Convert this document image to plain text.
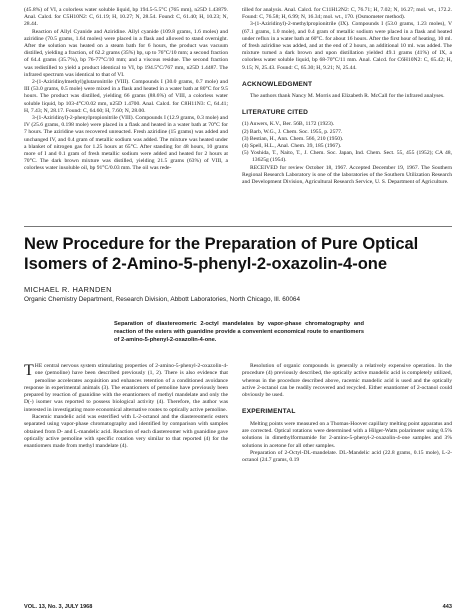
(45.8%) of VI, a colorless water soluble liquid, bp 194.5-5.5°C (765 mm), n25D 1.43879. Anal. Calcd. for C5H10N2: C, 61.19; H, 10.27; N, 28.54. Found: C, 61.40; H, 10.23; N, 28.44.

Reaction of Allyl Cyanide and Aziridine. Allyl cyanide (109.8 grams, 1.6 moles) and aziridine (70.5 grams, 1.64 moles) were placed in a flask and allowed to stand overnight. After the solution was heated on a steam bath for 6 hours, the product was vacuum distilled, yielding a fraction, of 62.2 grams (35%) bp, up to 76°C/10 mm; a second fraction of 64.4 grams (35.7%), bp 76-77°C/10 mm; and a viscous residue. The second fraction was redistilled to yield a product identical to VI, bp 194.5°C/767 mm, n25D 1.4487. The infrared spectrum was identical to that of VI.

2-(1-Aziridinylmethyl)glutaronitrile (VIII). Compounds I (30.0 grams, 0.7 mole) and III (53.0 grams, 0.5 mole) were mixed in a flask and heated in a water bath at 80°C for 9.5 hours. The product was distilled, yielding 66 grams (88.6%) of VIII, a colorless water soluble liquid, bp 103-4°C/0.02 mm, n25D 1.4700. Anal. Calcd. for C8H11N3: C, 64.41; H, 7.43; N, 28.17. Found: C, 64.60; H, 7.60; N, 28.00.

3-(1-Aziridinyl)-2-phenylpropionitrile (VIII). Compounds I (12.9 grams, 0.3 mole) and IV (25.6 grams, 0.198 mole) were placed in a flask and heated in a water bath at 70°C for 7 hours. The aziridine was recovered unreacted. Fresh aziridine (15 grams) was added and unchanged IV, and 0.4 gram of metallic sodium was added. The mixture was heated under a blanket of nitrogen gas for 1.25 hours at 65°C. After standing for 48 hours, 10 grams more of I and 0.1 gram of fresh metallic sodium were added and heated for 2 hours at 70°C. The dark brown mixture was distilled, yielding 21.5 grams (63%) of VIII, a colorless water insoluble oil, bp 91°C/0.03 mm. The oil was rede-

tilled for analysis. Anal. Calcd. for C11H12N2: C, 76.71; H, 7.02; N, 16.27; mol. wt., 172.2. Found: C, 76.58; H, 6.99; N, 16.34; mol. wt., 170. (Osmometer method).

3-(1-Aziridinyl)-2-methylpropionitrile (IX). Compounds I (53.0 grams, 1.23 moles), V (67.1 grams, 1.0 mole), and 0.4 gram of metallic sodium were placed in a flask and heated under reflux in a water bath at 60°C. for about 16 hours. After the first hour of heating, 10 ml. of fresh aziridine was added, and at the end of 2 hours, an additional 10 ml. was added. The mixture turned a dark brown and upon distillation yielded 49.1 grams (41%) of IX, a colorless water soluble liquid, bp 68-70°C/11 mm. Anal. Calcd. for C6H10N2: C, 65.42; H, 9.15; N, 25.43. Found: C, 65.30; H, 9.21; N, 25.44.

ACKNOWLEDGMENT

The authors thank Nancy M. Morris and Elizabeth R. McCall for the infrared analyses.

LITERATURE CITED
(1) Auwers, K.V., Ber. 56B, 1172 (1923).
(2) Barb, W.G., J. Chem. Soc. 1955, p. 2577.
(3) Bestian, H., Ann. Chem. 566, 210 (1950).
(4) Spell, H.L., Anal. Chem. 39, 185 (1967).
(5) Yoshida, T., Naito, T., J. Chem. Soc. Japan, Ind. Chem. Sect. 55, 455 (1952); CA 48, 13625g (1954).

RECEIVED for review October 18, 1967. Accepted December 19, 1967. The Southern Regional Research Laboratory is one of the laboratories of the Southern Utilization Research and Development Division, Agricultural Research Service, U. S. Department of Agriculture.

New Procedure for the Preparation of Pure Optical Isomers of 2-Amino-5-phenyl-2-oxazolin-4-one
MICHAEL R. HARNDEN
Organic Chemistry Department, Research Division, Abbott Laboratories, North Chicago, Ill. 60064
Separation of diastereomeric 2-octyl mandelates by vapor-phase chromatography and reaction of the esters with guanidine provide a convenient economical route to enantiomers of 2-amino-5-phenyl-2-oxazolin-4-one.

THE central nervous system stimulating properties of 2-amino-5-phenyl-2-oxazolin-4-one (pemoline) have been described previously (1, 2). There is also evidence that pemoline accelerates acquisition and enhances retention of a conditioned avoidance response in experimental animals (3). The enantiomers of pemoline have previously been prepared by reaction of guanidine with the enantiomers of methyl mandelate and only the D(-) isomer was reported to possess biological activity (4). Therefore, the author was interested in investigating more economical alternative routes to optically active pemoline.

Racemic mandelic acid was esterified with L-2-octanol and the diastereomeric esters separated using vapor-phase chromatography and identified by comparison with samples obtained from D- and L-mandelic acid. Reaction of each diastereomer with guanidine gave optically active pemoline with specific rotation very similar to that reported (4) for the enantiomers made from methyl mandelate (4).

Resolution of organic compounds is generally a relatively expensive operation. In the procedure (4) previously described, the optically active mandelic acid is completely utilized, whereas in the procedure described above, racemic mandelic acid is used and the optically active 2-octanol can be readily recovered and recycled. Either enantiomer of 2-octanol could obviously be used.

EXPERIMENTAL

Melting points were measured on a Thomas-Hoover capillary melting point apparatus and are corrected. Optical rotations were determined with a Hilger-Watts polarimeter using 0.5% solutions in dimethylformamide for 2-amino-5-phenyl-2-oxazolin-4-one samples and 3% solutions in acetone for all other samples.

Preparation of 2-Octyl-DL-mandelate. DL-Mandelic acid (22.8 grams, 0.15 mole), L-2-octanol (24.7 grams, 0.19

VOL. 13, No. 3, JULY 1968	443
